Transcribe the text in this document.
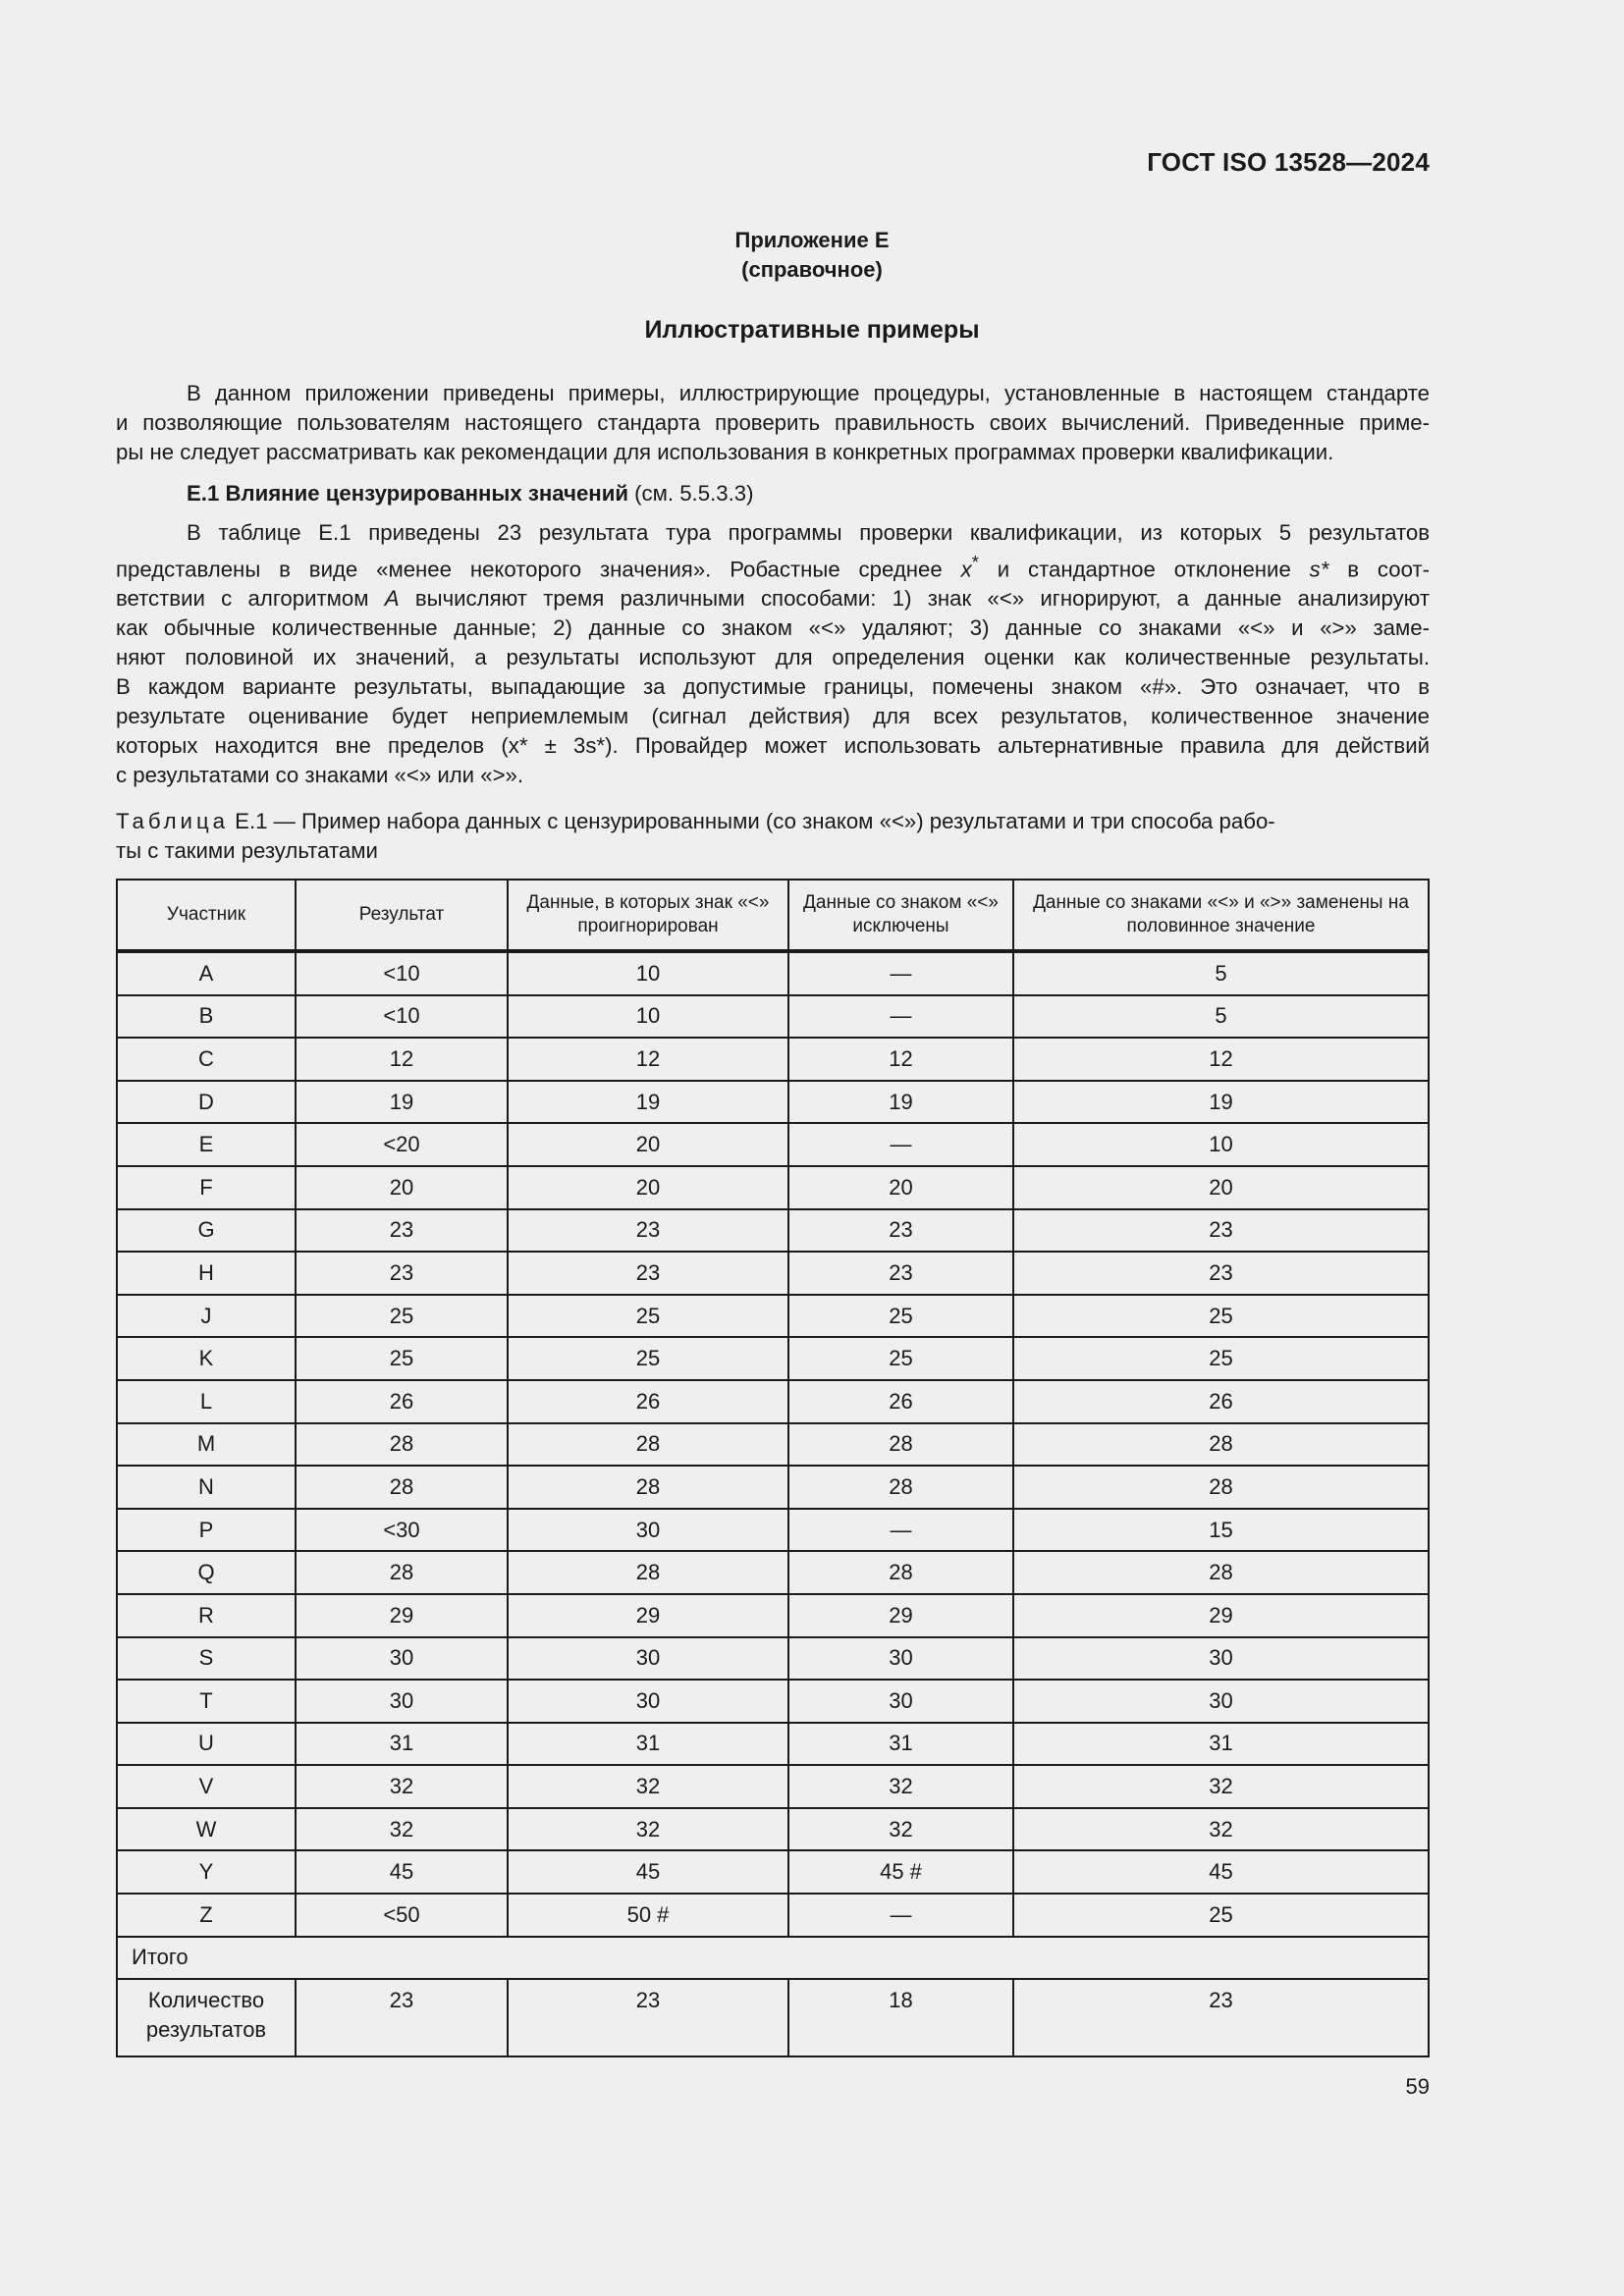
ГОСТ ISO 13528—2024
Приложение Е
(справочное)
Иллюстративные примеры
В данном приложении приведены примеры, иллюстрирующие процедуры, установленные в настоящем стандарте
и позволяющие пользователям настоящего стандарта проверить правильность своих вычислений. Приведенные приме-
ры не следует рассматривать как рекомендации для использования в конкретных программах проверки квалификации.
Е.1 Влияние цензурированных значений (см. 5.5.3.3)
В таблице Е.1 приведены 23 результата тура программы проверки квалификации, из которых 5 результатов
представлены в виде «менее некоторого значения». Робастные среднее x* и стандартное отклонение s* в соот-
ветствии с алгоритмом A вычисляют тремя различными способами: 1) знак «<» игнорируют, а данные анализируют
как обычные количественные данные; 2) данные со знаком «<» удаляют; 3) данные со знаками «<» и «>» заме-
няют половиной их значений, а результаты используют для определения оценки как количественные результаты.
В каждом варианте результаты, выпадающие за допустимые границы, помечены знаком «#». Это означает, что в
результате оценивание будет неприемлемым (сигнал действия) для всех результатов, количественное значение
которых находится вне пределов (x* ± 3s*). Провайдер может использовать альтернативные правила для действий
с результатами со знаками «<» или «>».
Таблица Е.1 — Пример набора данных с цензурированными (со знаком «<») результатами и три способа рабо-
ты с такими результатами
Участник	Результат	Данные, в которых знак «<» проигнорирован	Данные со знаком «<» исключены	Данные со знаками «<» и «>» заменены на половинное значение
A	<10	10	—	5
B	<10	10	—	5
C	12	12	12	12
D	19	19	19	19
E	<20	20	—	10
F	20	20	20	20
G	23	23	23	23
H	23	23	23	23
J	25	25	25	25
K	25	25	25	25
L	26	26	26	26
M	28	28	28	28
N	28	28	28	28
P	<30	30	—	15
Q	28	28	28	28
R	29	29	29	29
S	30	30	30	30
T	30	30	30	30
U	31	31	31	31
V	32	32	32	32
W	32	32	32	32
Y	45	45	45 #	45
Z	<50	50 #	—	25
Итого				
Количество результатов	23	23	18	23
59
